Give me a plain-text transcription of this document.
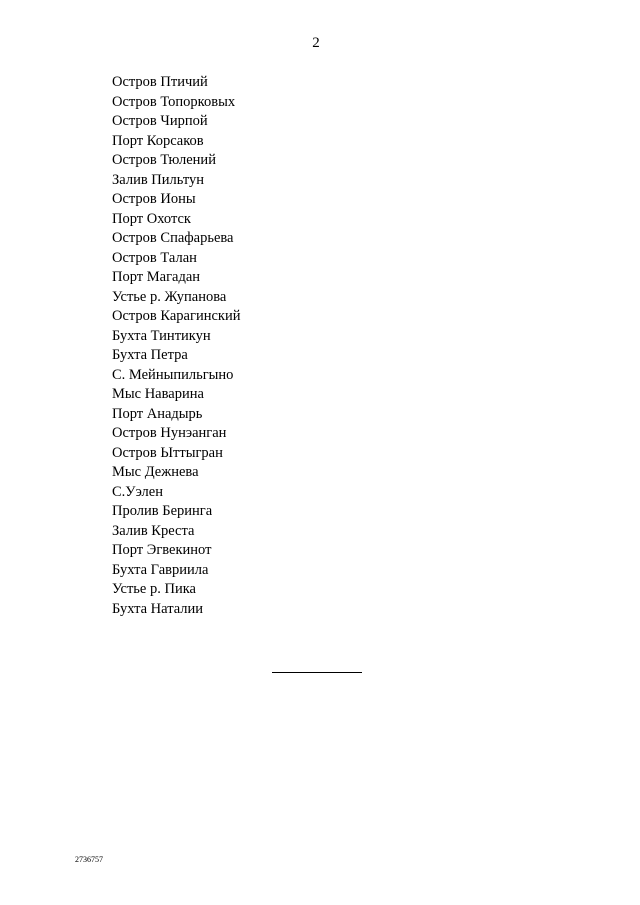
2
Остров Птичий
Остров Топорковых
Остров Чирпой
Порт Корсаков
Остров Тюлений
Залив Пильтун
Остров Ионы
Порт Охотск
Остров Спафарьева
Остров Талан
Порт Магадан
Устье р. Жупанова
Остров Карагинский
Бухта Тинтикун
Бухта Петра
С. Мейныпильгыно
Мыс Наварина
Порт Анадырь
Остров Нунэанган
Остров Ыттыгран
Мыс Дежнева
С.Уэлен
Пролив Беринга
Залив Креста
Порт Эгвекинот
Бухта Гавриила
Устье р. Пика
Бухта Наталии
2736757
